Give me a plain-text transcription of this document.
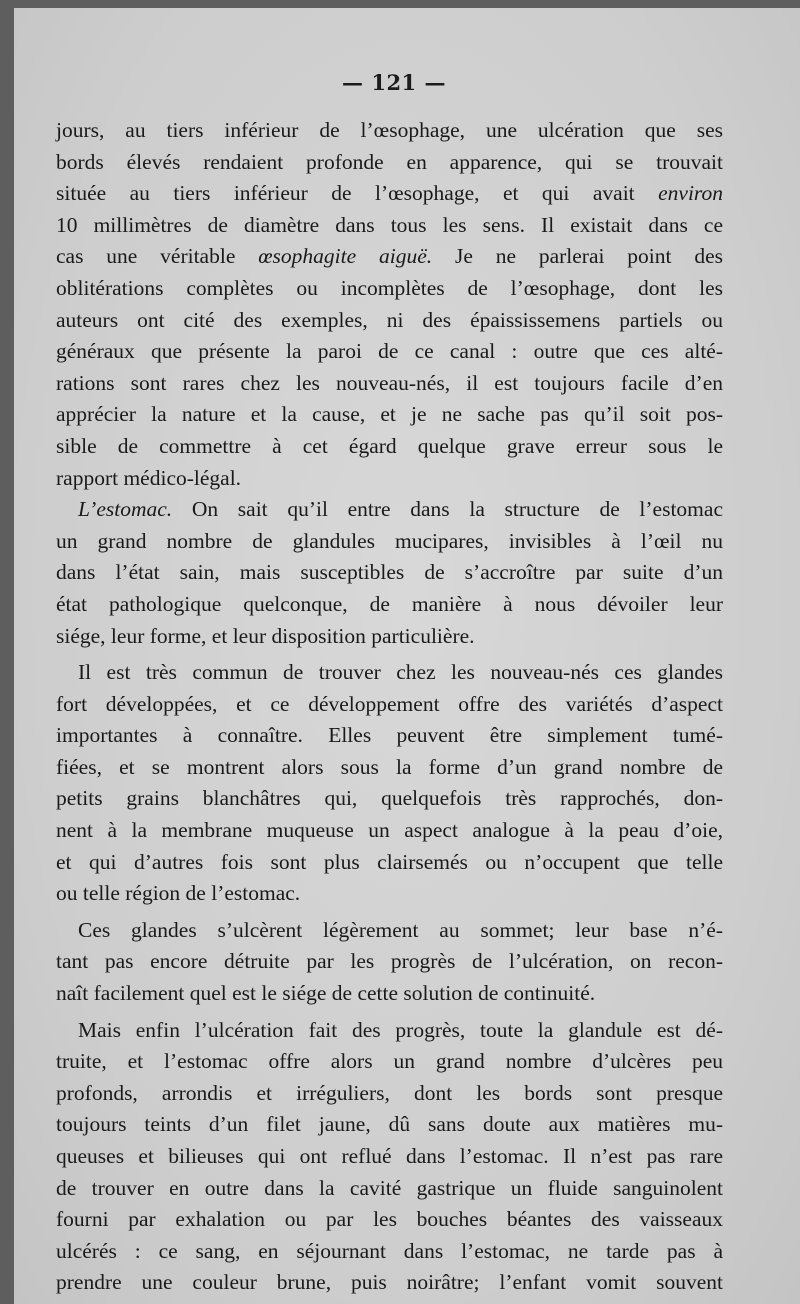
— 121 —
jours, au tiers inférieur de l’œsophage, une ulcération que ses
bords élevés rendaient profonde en apparence, qui se trouvait
située au tiers inférieur de l’œsophage, et qui avait environ
10 millimètres de diamètre dans tous les sens. Il existait dans ce
cas une véritable œsophagite aiguë. Je ne parlerai point des
oblitérations complètes ou incomplètes de l’œsophage, dont les
auteurs ont cité des exemples, ni des épaississemens partiels ou
généraux que présente la paroi de ce canal : outre que ces alté-
rations sont rares chez les nouveau-nés, il est toujours facile d’en
apprécier la nature et la cause, et je ne sache pas qu’il soit pos-
sible de commettre à cet égard quelque grave erreur sous le
rapport médico-légal.
L’estomac. On sait qu’il entre dans la structure de l’estomac
un grand nombre de glandules mucipares, invisibles à l’œil nu
dans l’état sain, mais susceptibles de s’accroître par suite d’un
état pathologique quelconque, de manière à nous dévoiler leur
siége, leur forme, et leur disposition particulière.
Il est très commun de trouver chez les nouveau-nés ces glandes
fort développées, et ce développement offre des variétés d’aspect
importantes à connaître. Elles peuvent être simplement tumé-
fiées, et se montrent alors sous la forme d’un grand nombre de
petits grains blanchâtres qui, quelquefois très rapprochés, don-
nent à la membrane muqueuse un aspect analogue à la peau d’oie,
et qui d’autres fois sont plus clairsemés ou n’occupent que telle
ou telle région de l’estomac.
Ces glandes s’ulcèrent légèrement au sommet; leur base n’é-
tant pas encore détruite par les progrès de l’ulcération, on recon-
naît facilement quel est le siége de cette solution de continuité.
Mais enfin l’ulcération fait des progrès, toute la glandule est dé-
truite, et l’estomac offre alors un grand nombre d’ulcères peu
profonds, arrondis et irréguliers, dont les bords sont presque
toujours teints d’un filet jaune, dû sans doute aux matières mu-
queuses et bilieuses qui ont reflué dans l’estomac. Il n’est pas rare
de trouver en outre dans la cavité gastrique un fluide sanguinolent
fourni par exhalation ou par les bouches béantes des vaisseaux
ulcérés : ce sang, en séjournant dans l’estomac, ne tarde pas à
prendre une couleur brune, puis noirâtre; l’enfant vomit souvent
